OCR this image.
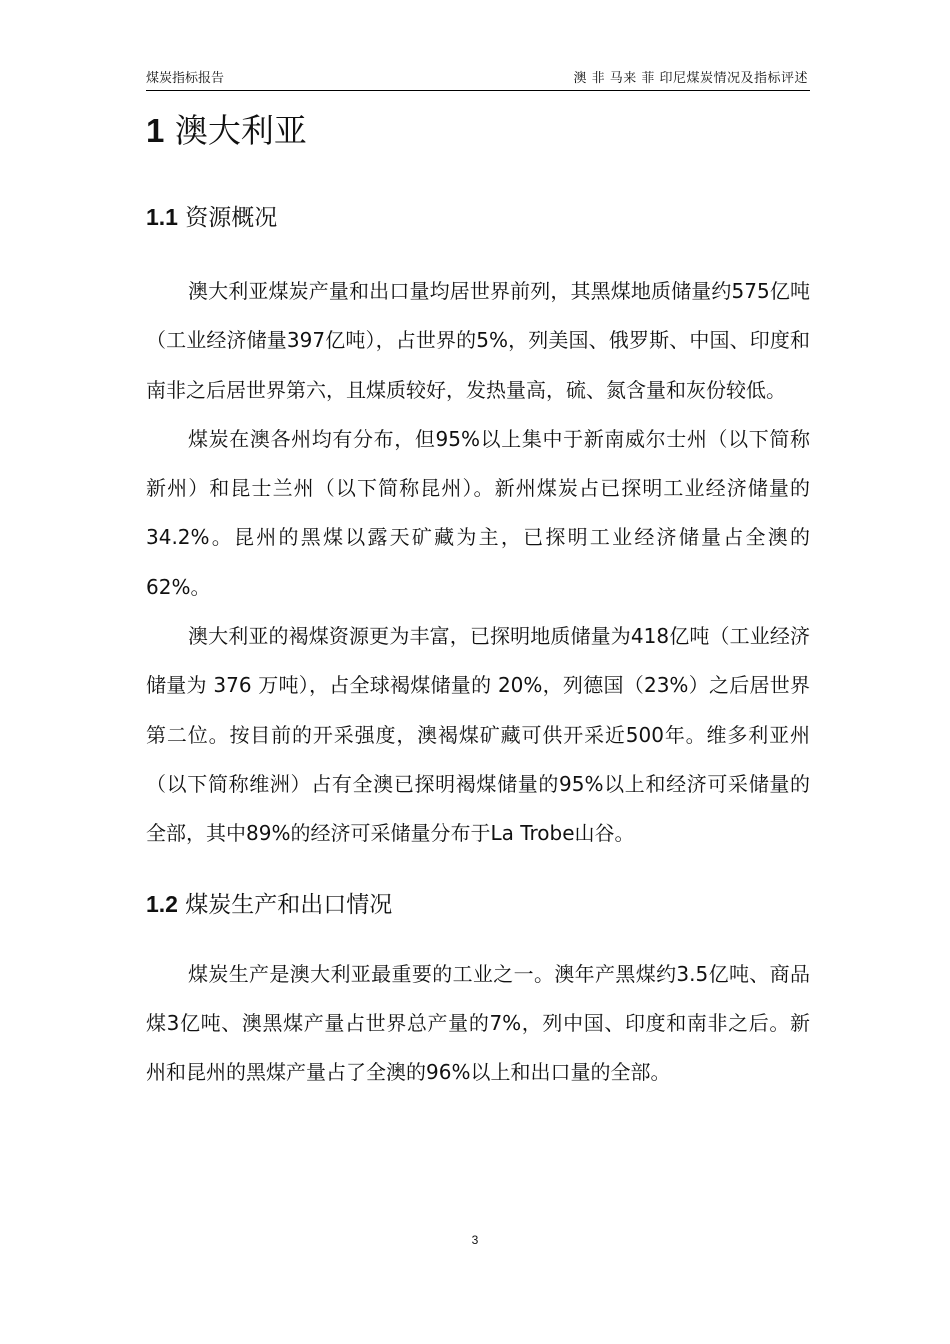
煤炭指标报告	澳 非 马来 菲 印尼煤炭情况及指标评述
1 澳大利亚
1.1 资源概况

澳大利亚煤炭产量和出口量均居世界前列，其黑煤地质储量约575亿吨（工业经济储量397亿吨），占世界的5%，列美国、俄罗斯、中国、印度和南非之后居世界第六，且煤质较好，发热量高，硫、氮含量和灰份较低。

煤炭在澳各州均有分布，但95%以上集中于新南威尔士州（以下简称新州）和昆士兰州（以下简称昆州）。新州煤炭占已探明工业经济储量的34.2%。昆州的黑煤以露天矿藏为主，已探明工业经济储量占全澳的62%。

澳大利亚的褐煤资源更为丰富，已探明地质储量为418亿吨（工业经济储量为 376 万吨），占全球褐煤储量的 20%，列德国（23%）之后居世界第二位。按目前的开采强度，澳褐煤矿藏可供开采近500年。维多利亚州（以下简称维洲）占有全澳已探明褐煤储量的95%以上和经济可采储量的全部，其中89%的经济可采储量分布于La Trobe山谷。

1.2 煤炭生产和出口情况

煤炭生产是澳大利亚最重要的工业之一。澳年产黑煤约3.5亿吨、商品煤3亿吨、澳黑煤产量占世界总产量的7%，列中国、印度和南非之后。新州和昆州的黑煤产量占了全澳的96%以上和出口量的全部。

3
